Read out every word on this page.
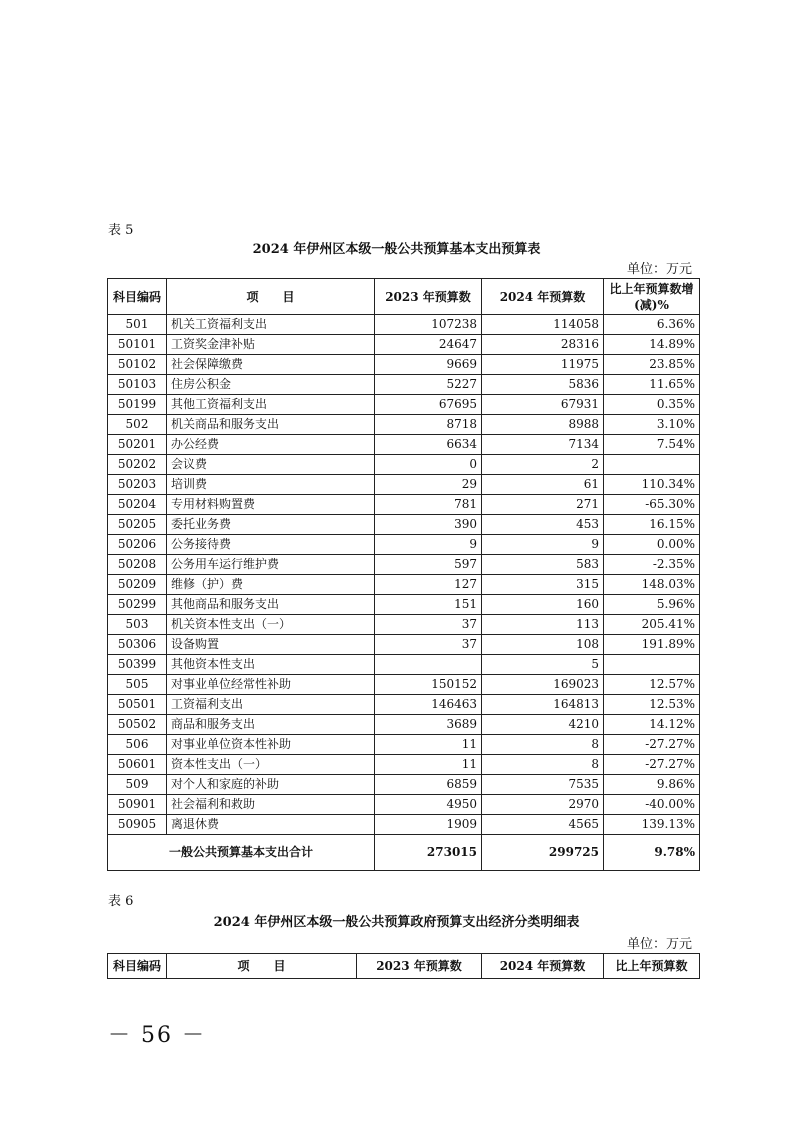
表 5
2024 年伊州区本级一般公共预算基本支出预算表
单位：万元
科目编码	项　　目	2023 年预算数	2024 年预算数	比上年预算数增(减)%
501	机关工资福利支出	107238	114058	6.36%
50101	工资奖金津补贴	24647	28316	14.89%
50102	社会保障缴费	9669	11975	23.85%
50103	住房公积金	5227	5836	11.65%
50199	其他工资福利支出	67695	67931	0.35%
502	机关商品和服务支出	8718	8988	3.10%
50201	办公经费	6634	7134	7.54%
50202	会议费	0	2	
50203	培训费	29	61	110.34%
50204	专用材料购置费	781	271	-65.30%
50205	委托业务费	390	453	16.15%
50206	公务接待费	9	9	0.00%
50208	公务用车运行维护费	597	583	-2.35%
50209	维修（护）费	127	315	148.03%
50299	其他商品和服务支出	151	160	5.96%
503	机关资本性支出（一）	37	113	205.41%
50306	设备购置	37	108	191.89%
50399	其他资本性支出		5	
505	对事业单位经常性补助	150152	169023	12.57%
50501	工资福利支出	146463	164813	12.53%
50502	商品和服务支出	3689	4210	14.12%
506	对事业单位资本性补助	11	8	-27.27%
50601	资本性支出（一）	11	8	-27.27%
509	对个人和家庭的补助	6859	7535	9.86%
50901	社会福利和救助	4950	2970	-40.00%
50905	离退休费	1909	4565	139.13%
一般公共预算基本支出合计		273015	299725	9.78%
表 6
2024 年伊州区本级一般公共预算政府预算支出经济分类明细表
单位：万元
科目编码	项　　目	2023 年预算数	2024 年预算数	比上年预算数
－ 56 －
